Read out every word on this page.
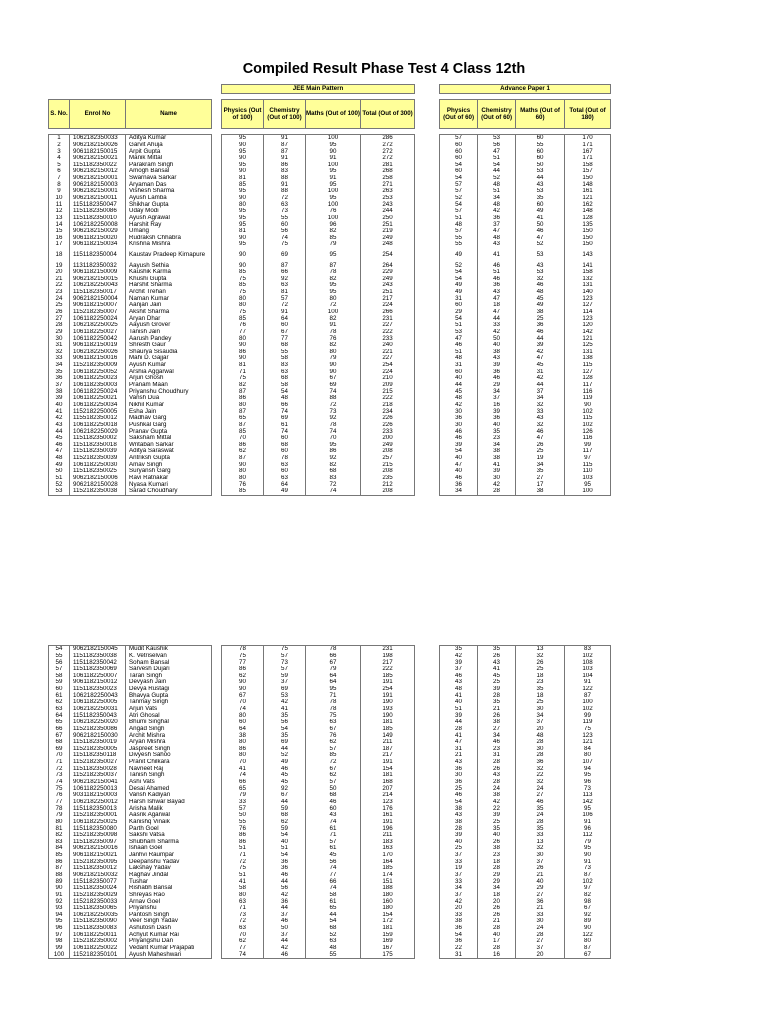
Compiled Result Phase Test 4 Class 12th
				JEE Main Pattern					Advance Paper 1				

S. No.	Enrol No	Name		Physics (Out of 100)	Chemistry (Out of 100)	Maths (Out of 100)	Total (Out of 300)		Physics (Out of 60)	Chemistry (Out of 60)	Maths (Out of 60)	Total (Out of 180)	

1	1062182350033	Aditya Kumar		95	91	100	286		57	53	60	170	
2	9062182150026	Garvit Ahuja		90	87	95	272		60	56	55	171	
3	9061182150015	Arpit Gupta		95	87	90	272		60	47	60	167	
4	9062182150021	Manik Mittal		90	91	91	272		60	51	60	171	
5	1151182350022	Parakram Singh		95	86	100	281		54	54	50	158	
6	9062182150012	Amogh Bansal		90	83	95	268		60	44	53	157	
7	9062182150001	Swarnava Sarkar		81	88	91	258		54	52	44	150	
8	9062182150003	Aryaman Das		85	91	95	271		57	48	43	148	
9	9062182150001	Vishesh Sharma		95	88	100	263		57	51	53	161	
10	9062182150011	Ayush Lamba		90	72	95	253		52	34	35	121	
11	1151182350047	Shikhar Gupta		80	63	100	243		54	48	60	162	
12	1151182350086	Uday Modi		95	73	76	244		57	42	49	148	
13	1151182350010	Ayush Agrawal		95	55	100	250		51	36	41	128	
14	1062182250008	Harshit Ray		95	60	96	251		48	37	50	135	
15	9062182150029	Umang		81	56	82	219		57	47	46	150	
16	9061182150020	Rudraksh Chhabra		90	74	85	249		55	48	47	150	
17	9061182150034	Krishna Mishra		95	75	79	248		55	43	52	150	
18	1151182350004	Kaustav Pradeep Kirnapure		90	69	95	254		49	41	53	143	
19	1131182350032	Aayush Sethia		90	87	87	264		52	46	43	141	
20	9061182150009	Kaushik Karma		85	66	78	229		54	51	53	158	
21	9062182150015	Khushi Gupta		75	92	82	249		54	46	32	132	
22	1062182250043	Harshit Sharma		85	63	95	243		49	36	46	131	
23	1151182350017	Archit Trehan		75	81	95	251		49	43	48	140	
24	9062182150004	Naman Kumar		80	57	80	217		31	47	45	123	
25	9061182150007	Aanjan Jain		80	72	72	224		60	18	49	127	
26	1152182350007	Akshit Sharma		75	91	100	266		29	47	38	114	
27	1061182250024	Aryan Dhar		85	64	82	231		54	44	25	123	
28	1062182250025	Aayush Grover		76	60	91	227		51	33	36	120	
29	1061182250027	Tanish Jain		77	67	78	222		53	42	46	142	
30	1061182250042	Aarush Pandey		80	77	76	233		47	50	44	121	
31	9061182150019	Shresth Gaur		90	68	82	240		46	40	39	125	
32	1062182250026	Shaurya Sisaudia		86	55	80	221		51	38	42	131	
33	9061182150016	Mahi D. Gajjar		90	58	79	227		48	43	47	138	
34	1152182350009	Ayush Kumar		81	83	90	254		31	39	45	115	
35	1061182250052	Arshia Aggarwal		71	63	90	224		60	36	31	127	
36	1061182250023	Arjun Ghosh		75	68	67	210		40	46	42	128	
37	1061182350003	Pranam Maan		82	58	69	209		44	29	44	117	
38	1061182250024	Priyanshu Choudhury		87	54	74	215		45	34	37	116	
39	1061182250021	Vansh Dua		86	48	88	222		48	37	34	119	
40	1061182250034	Nikhil Kumar		80	66	72	218		42	16	32	90	
41	1152182250005	Esha Jain		87	74	73	234		30	39	33	102	
42	1155182350012	Madhav Garg		65	69	92	226		36	36	43	115	
43	1061182250018	Pushkal Garg		87	61	78	226		30	40	32	102	
44	1062182250029	Pranav Gupta		85	74	74	233		46	35	46	126	
45	1151182350002	Saksham Mittal		70	60	70	200		46	23	47	116	
46	1151182350018	Writaban Sarkar		86	68	95	249		39	34	26	99	
47	1151182350039	Aditya Saraswat		62	60	86	208		54	38	25	117	
48	1152182350039	Antriksh Gupta		87	78	92	257		40	38	19	97	
49	1061182250030	Amav Singh		90	63	82	215		47	41	34	115	
50	1151182350025	Suryansh Garg		80	60	68	208		40	39	35	110	
51	9062182150006	Ravi Ratnakar		80	63	83	235		46	30	27	103	
52	9062182150028	Nyasa Kumari		76	64	72	212		36	42	17	95	
53	1152182350038	Sarad Choudhary		85	49	74	208		34	28	38	100	
54	9062182150045	Mudit Kaushik		78	75	78	231		35	35	13	83	
55	1151182350038	K. Vetriselvan		75	57	66	198		42	26	32	102	
56	1151182350042	Soham Bansal		77	73	67	217		39	43	26	108	
57	1151182350069	Sarvesh Dujari		86	57	79	222		37	41	25	103	
58	1061182250007	Taran Singh		62	59	64	185		46	45	18	104	
59	9061182150012	Devyash Jain		90	37	64	191		43	25	23	91	
60	1151182350023	Devya Rustagi		90	69	95	254		48	39	35	122	
61	1062182250043	Bhavya Gupta		67	53	71	191		41	28	18	87	
62	1061182250005	Tanmay Singh		70	42	78	190		40	35	25	100	
63	1062182250031	Arjun Vats		74	41	78	193		51	21	30	102	
64	1151182350043	Atri Ghosal		80	35	75	190		39	26	34	99	
65	1062182250020	Bhumi Singhal		60	56	63	181		44	38	37	119	
66	1152182350086	Angad Singh		64	54	67	185		28	27	20	75	
67	9062182150030	Archit Mishra		38	35	76	149		41	34	48	123	
68	1151182350019	Aryan Mishra		80	69	62	211		47	46	28	121	
69	1152182350005	Jaspreet Singh		86	44	57	187		31	23	30	84	
70	1151182350118	Divyesh Sahoo		80	52	85	217		21	31	28	80	
71	1152182350027	Pranit Chilkara		70	49	72	191		43	28	36	107	
72	1151182350028	Navneet Raj		41	46	67	154		36	26	32	94	
73	1152182350037	Tanish Singh		74	45	62	181		30	43	22	95	
74	9062182150041	Ashi Vats		66	45	57	168		36	28	32	96	
75	1061182250013	Desai Ahamed		65	92	50	207		25	24	24	73	
76	9031182150003	Vansh Kadiyan		79	67	68	214		46	38	27	113	
77	1062182250012	Harsh Ishwar Bayad		33	44	46	123		54	42	46	142	
78	1151182350013	Arisha Malik		57	59	60	176		38	22	35	95	
79	1152182350001	Aasrik Agarwal		50	68	43	161		43	39	24	106	
80	1061182250025	Kanishq Vinaik		55	62	74	191		38	25	28	91	
81	1151182350080	Parth Goel		76	59	61	196		28	35	35	96	
82	1152182350098	Sakshi Vatsa		86	54	71	211		39	40	33	112	
83	1151182350097	Shubham Sharma		86	40	57	183		40	26	13	79	
84	9062182150016	Ishaan Goel		51	51	61	163		25	38	32	95	
85	9061182150021	Janhvi Raumpar		71	54	45	170		37	23	30	90	
86	1152182350095	Deepanshu Yadav		72	36	56	164		33	18	37	91	
87	1151182350012	Lakshay Yadav		75	36	74	185		19	28	26	73	
88	9062182150032	Raghav Jindal		51	46	77	174		37	29	21	87	
89	1151182350077	Tushar		41	44	66	151		33	29	40	102	
90	1151182350024	Rishabh Bansal		58	56	74	188		34	34	29	97	
91	1152182350029	Shreyas Rao		80	42	58	180		37	18	27	82	
92	1152182350033	Arnav Goel		63	36	61	160		42	20	36	98	
93	1151182350065	Priyanshu		71	44	65	180		20	26	21	67	
94	1062182250035	Pantosh Singh		73	37	44	154		33	26	33	92	
95	1151182350090	Veer Singh Yadav		72	46	54	172		38	21	30	89	
96	1151182350083	Ashutosh Dash		63	50	68	181		36	28	24	90	
97	1061182250011	Achyut Kumar Rai		70	37	52	159		54	40	28	122	
98	1152182350002	Priyangshu Dan		62	44	63	169		36	17	27	80	
99	1061182250022	Vedant Kumar Prajapati		77	42	48	167		22	28	37	87	
100	1152182350101	Ayush Maheshwari		74	46	55	175		31	16	20	67	
